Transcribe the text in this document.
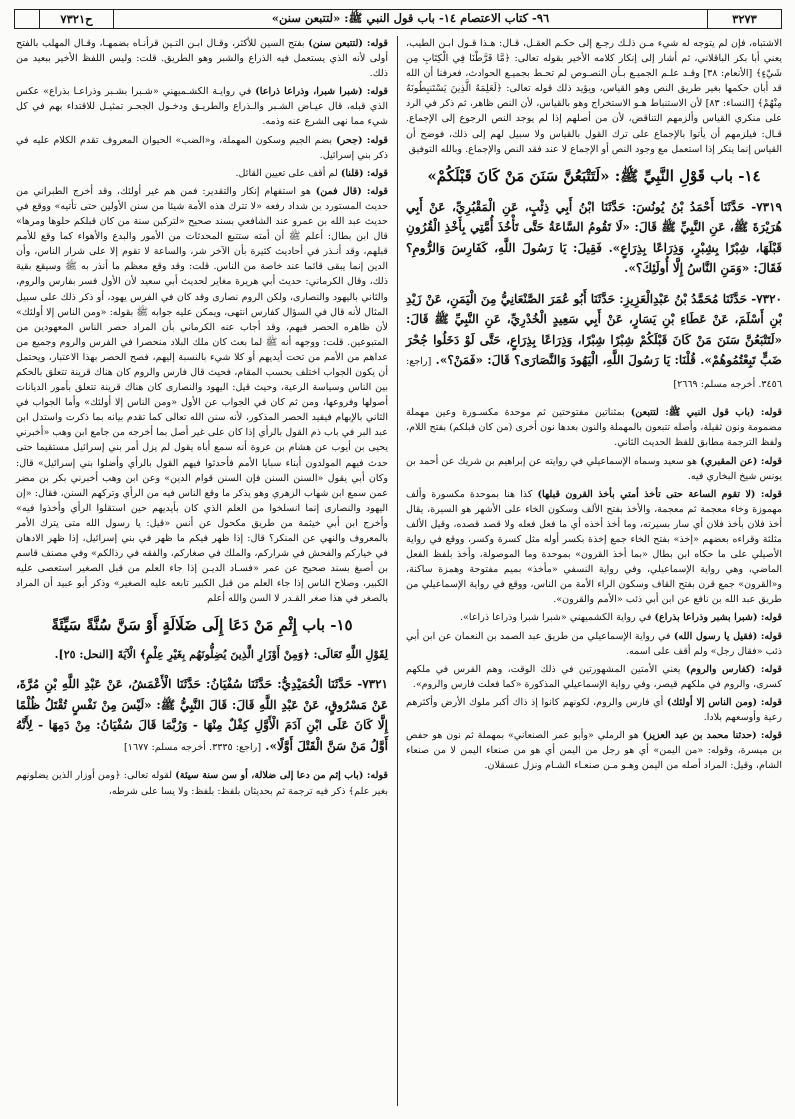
٣٢٧٣
٩٦- كتاب الاعتصام ١٤- باب قول النبي ﷺ: «لتتبعن سنن»
ح٧٣٢١

الاشتباه، فإن لم يتوجه له شيء مـن ذلـك رجـع إلى حكـم العقـل، قـال: هـذا قـول ابـن الطيب، يعني أبا بكر الباقلاني، ثم أشار إلى إنكار كلامه الأخير بقوله تعالى: ﴿مَّا فَرَّطْنَا فِي الْكِتَابِ مِن شَيْءٍ﴾ [الأنعام: ٣٨] وقـد علـم الجميـع بـأن النصـوص لم تحـط بجميـع الحوادث، فعرفنا أن الله قد أبان حكمها بغير طريق النص وهو القياس، ويؤيد ذلك قوله تعالى: ﴿لَعَلِمَهُ الَّذِينَ يَسْتَنبِطُونَهُ مِنْهُمْ﴾ [النساء: ٨٣] لأن الاستنباط هـو الاستخراج وهو بالقياس، لأن النص ظاهر، ثم ذكر في الرد على منكري القياس وألزمهم التناقض، لأن من أصلهم إذا لم يوجد النص الرجوع إلى الإجماع. قـال: فيلزمهم أن يأتوا بالإجماع على ترك القول بالقياس ولا سبيل لهم إلى ذلك، فوضح أن القياس إنما ينكر إذا استعمل مع وجود النص أو الإجماع لا عند فقد النص والإجماع. وبالله التوفيق

١٤- باب قَوْلِ النَّبِيِّ ﷺ: «لَتَتْبَعُنَّ سَنَنَ مَنْ كَانَ قَبْلَكُمْ»
٧٣١٩- حَدَّثَنَا أَحْمَدُ بْنُ يُونُسَ: حَدَّثَنَا ابْنُ أَبِي ذِئْبٍ، عَنِ الْمَقْبُرِيِّ، عَنْ أَبِي هُرَيْرَةَ ﷺ، عَنِ النَّبِيِّ ﷺ قَالَ: «لَا تَقُومُ السَّاعَةُ حَتَّى تَأْخُذَ أُمَّتِي بِأَخْذِ الْقُرُونِ قَبْلَهَا، شِبْرًا بِشِبْرٍ، وَذِرَاعًا بِذِرَاعٍ». فَقِيلَ: يَا رَسُولَ اللَّهِ، كَفَارِسَ وَالرُّومِ؟ فَقَالَ: «وَمَنِ النَّاسُ إِلَّا أُولَئِكَ؟».
٧٣٢٠- حَدَّثَنَا مُحَمَّدُ بْنُ عَبْدِالْعَزِيزِ: حَدَّثَنَا أَبُو عُمَرَ الصَّنْعَانِيُّ مِنَ الْيَمَنِ، عَنْ زَيْدِ بْنِ أَسْلَمَ، عَنْ عَطَاءِ بْنِ يَسَارٍ، عَنْ أَبِي سَعِيدٍ الْخُدْرِيِّ، عَنِ النَّبِيِّ ﷺ قَالَ: «لَتَتْبَعُنَّ سَنَنَ مَنْ كَانَ قَبْلَكُمْ شِبْرًا شِبْرًا، وَذِرَاعًا بِذِرَاعٍ، حَتَّى لَوْ دَخَلُوا جُحْرَ ضَبٍّ تَبِعْتُمُوهُمْ». قُلْنَا: يَا رَسُولَ اللَّهِ، الْيَهُودَ وَالنَّصَارَى؟ قَالَ: «فَمَنْ؟». [راجع: ٣٤٥٦. أخرجه مسلم: ٢٦٦٩]

قوله: (باب قول النبي ﷺ: لتتبعن) بمثناتين مفتوحتين ثم موحدة مكسـورة وعين مهملة مضمومة ونون ثقيلة، وأصله تتبعون بالمهملة والنون بعدها نون أخرى (من كان قبلكم) بفتح اللام، ولفظ الترجمة مطابق للفظ الحديث الثاني.

قوله: (عن المقبري) هو سعيد وسماه الإسماعيلي في روايته عن إبراهيم بن شريك عن أحمد بن يونس شيخ البخاري فيه.

قوله: (لا تقوم الساعة حتى تأخذ أمتي بأخذ القرون قبلها) كذا هنا بموحدة مكسورة وألف مهموزة وخاء معجمة ثم معجمة، والأخذ بفتح الألف وسكون الخاء على الأشهر هو السيرة، يقال أخذ فلان بأخذ فلان أي سار بسيرته، وما أخذ أخذه أي ما فعل فعله ولا قصد قصده، وقيل الألف مثلثة وقراءه بعضهم «إخذ» بفتح الخاء جمع إخذة بكسر أوله مثل كسرة وكسر، ووقع في رواية الأصيلي على ما حكاه ابن بطال «بما أخذ القرون» بموحدة وما الموصولة، وأخذ بلفظ الفعل الماضي، وهي رواية الإسماعيلي، وفي رواية النسفي «مأخذ» بميم مفتوحة وهمزة ساكنة، و«القرون» جمع قرن بفتح القاف وسكون الراء الأمة من الناس، ووقع في رواية الإسماعيلي من طريق عبد الله بن نافع عن ابن أبي ذئب «الأمم والقرون».

قوله: (شبرا بشبر وذراعا بذراع) في رواية الكشميهني «شبرا شبرا وذراعا ذراعا».

قوله: (فقيل يا رسول الله) في رواية الإسماعيلي من طريق عبد الصمد بن النعمان عن ابن أبي ذئب «فقال رجل» ولم أقف على اسمه.

قوله: (كفارس والروم) يعني الأمتين المشهورتين في ذلك الوقت، وهم الفرس في ملكهم كسرى، والروم في ملكهم قيصر، وفي رواية الإسماعيلي المذكورة «كما فعلت فارس والروم».

قوله: (ومن الناس إلا أولئك) أي فارس والروم، لكونهم كانوا إذ ذاك أكبر ملوك الأرض وأكثرهم رعية وأوسعهم بلادا.

قوله: (حدثنا محمد بن عبد العزيز) هو الرملي «وأبو عمر الصنعاني» بمهملة ثم نون هو حفص بن ميسرة، وقوله: «من اليمن» أي هو رجل من اليمن أي هو من صنعاء اليمن لا من صنعاء الشام، وقيل: المراد أصله من اليمن وهـو مـن صنعـاء الشـام ونزل عسقلان.

قوله: (لتتبعن سنن) بفتح السين للأكثر، وقـال ابـن التـين قرأنـاه بضمهـا، وقـال المهلب بالفتح أولى لأنه الذي يستعمل فيه الذراع والشبر وهو الطريق. قلت: وليس اللفظ الأخير ببعيد من ذلك.

قوله: (شبرا شبرا، وذراعا ذراعا) في روايـة الكشـميهني «شـبرا بشـبر وذراعـا بذراع» عكس الذي قبله، قال عيـاض الشـبر والـذراع والطريـق ودخـول الجحـر تمثيـل للاقتداء بهم في كل شيء مما نهى الشرع عنه وذمه.

قوله: (جحر) بضم الجيم وسكون المهملة، و«الضب» الحيوان المعروف تقدم الكلام عليه في ذكر بني إسرائيل.

قوله: (قلنا) لم أقف على تعيين القائل.

قوله: (قال فمن) هو استفهام إنكار والتقدير: فمن هم غير أولئك، وقد أخرج الطبراني من حديث المستورد بن شداد رفعه «لا تترك هذه الأمة شيئا من سنن الأولين حتى تأتيه» ووقع في حديث عبد الله بن عمرو عند الشافعي بسند صحيح «لتركبن سنة من كان قبلكم حلوها ومرها» قال ابن بطال: أعلم ﷺ أن أمته ستتبع المحدثات من الأمور والبدع والأهواء كما وقع للأمم قبلهم، وقد أنـذر في أحاديث كثيرة بأن الآخر شر، والساعة لا تقوم إلا على شرار الناس، وأن الدين إنما يبقى قائما عند خاصة من الناس. قلت: وقد وقع معظم ما أنذر به ﷺ وسيقع بقية ذلك، وقال الكرماني: حديث أبي هريرة مغاير لحديث أبي سعيد لأن الأول فسر بفارس والروم، والثاني باليهود والنصارى، ولكن الروم نصارى وقد كان في الفرس يهود، أو ذكر ذلك على سبيل المثال لأنه قال في السؤال كفارس انتهى، ويمكن عليه جوابه ﷺ بقوله: «ومن الناس إلا أولئك» لأن ظاهره الحصر فيهم، وقد أجاب عنه الكرماني بأن المراد حصر الناس المعهودين من المتبوعين. قلت: ووجهه أنه ﷺ لما بعث كان ملك البلاد منحصرا في الفرس والروم وجميع من عداهم من الأمم من تحت أيديهم أو كلا شيء بالنسبة إليهم، فصح الحصر بهذا الاعتبار، ويحتمل أن يكون الجواب اختلف بحسب المقام، فحيث قال فارس والروم كان هناك قرينة تتعلق بالحكم بين الناس وسياسة الرعية، وحيث قيل: اليهود والنصارى كان هناك قرينة تتعلق بأمور الديانات أصولها وفروعها، ومن ثم كان في الجواب عن الأول «ومن الناس إلا أولئك» وأما الجواب في الثاني بالإبهام فيفيد الحصر المذكور، لأنه سنن الله تعالى كما تقدم بيانه بما ذكرت واستدل ابن عبد البر في باب ذم القول بالرأي إذا كان على غير أصل بما أخرجه من جامع ابن وهب «أخبرني يحيى بن أيوب عن هشام بن عروة أنه سمع أباه يقول لم يزل أمر بني إسرائيل مستقيما حتى حدث فيهم المولدون أبناء سبايا الأمم فأحدثوا فيهم القول بالرأي وأضلوا بني إسرائيل» قال: وكان أبي يقول «السنن السنن فإن السنن قوام الدين» وعن ابن وهب أخبرني بكر بن مضر عمن سمع ابن شهاب الزهري وهو يذكر ما وقع الناس فيه من الرأي وتركهم السنن، فقال: «إن اليهود والنصارى إنما انسلخوا من العلم الذي كان بأيديهم حين استقلوا الرأي وأخذوا فيه» وأخرج ابن أبي خيثمة من طريق مكحول عن أنس «قيل: يا رسول الله متى يترك الأمر بالمعروف والنهي عن المنكر؟ قال: إذا ظهر فيكم ما ظهر في بني إسرائيل، إذا ظهر الادهان في خياركم والفحش في شراركم، والملك في صغاركم، والفقه في رذالكم» وفي مصنف قاسم بن أصبغ بسند صحيح عن عمر «فسـاد الديـن إذا جاء العلم من قبل الصغير استعصى عليه الكبير، وصلاح الناس إذا جاء العلم من قبل الكبير تابعه عليه الصغير» وذكر أبو عبيد أن المراد بالصغر في هذا صغر القـدر لا السن والله أعلم

١٥- باب إِثْمِ مَنْ دَعَا إِلَى ضَلَالَةٍ أَوْ سَنَّ سُنَّةً سَيِّئَةً
لِقَوْلِ اللَّهِ تَعَالَى: ﴿وَمِنْ أَوْزَارِ الَّذِينَ يُضِلُّونَهُم بِغَيْرِ عِلْمٍ﴾ الْآيَةَ [النحل: ٢٥].
٧٣٢١- حَدَّثَنَا الْحُمَيْدِيُّ: حَدَّثَنَا سُفْيَانُ: حَدَّثَنَا الْأَعْمَشُ، عَنْ عَبْدِ اللَّهِ بْنِ مُرَّةَ، عَنْ مَسْرُوقٍ، عَنْ عَبْدِ اللَّهِ قَالَ: قَالَ النَّبِيُّ ﷺ: «لَيْسَ مِنْ نَفْسٍ تُقْتَلُ ظُلْمًا إِلَّا كَانَ عَلَى ابْنِ آدَمَ الْأَوَّلِ كِفْلٌ مِنْهَا - وَرُبَّمَا قَالَ سُفْيَانُ: مِنْ دَمِهَا - لِأَنَّهُ أَوَّلُ مَنْ سَنَّ الْقَتْلَ أَوَّلًا». [راجع: ٣٣٣٥. أخرجه مسلم: ١٦٧٧]

قوله: (باب إثم من دعا إلى ضلالة، أو سن سنة سيئة) لقوله تعالى: ﴿ومن أوزار الذين يضلونهم بغير علم﴾ ذكر فيه ترجمة ثم بحديثان بلفظ: بلفظ: ولا يسا على شرطه،
